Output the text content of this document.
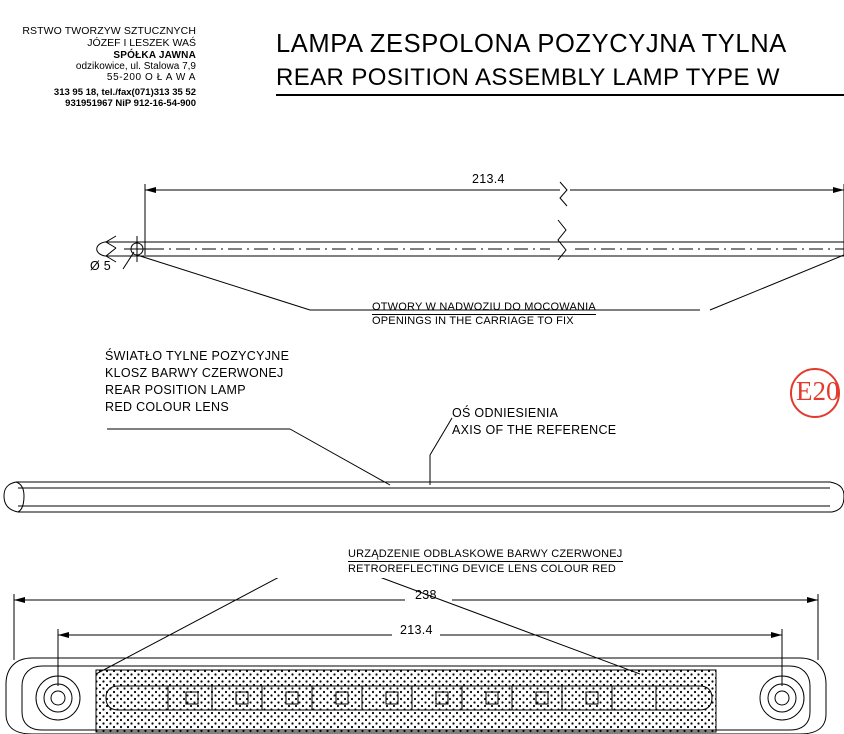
RSTWO TWORZYW SZTUCZNYCH
JÓZEF I LESZEK WAŚ
SPÓŁKA JAWNA
odzikowice, ul. Stalowa 7,9
55-200 O Ł A W A
313 95 18, tel./fax(071)313 35 52
931951967 NiP 912-16-54-900
LAMPA ZESPOLONA POZYCYJNA TYLNA
REAR POSITION ASSEMBLY LAMP TYPE W
213.4
Ø 5
OTWORY W NADWOZIU DO MOCOWANIA
OPENINGS IN THE CARRIAGE TO FIX
ŚWIATŁO TYLNE POZYCYJNE
KLOSZ BARWY CZERWONEJ
REAR POSITION LAMP
RED COLOUR LENS	OŚ ODNIESIENIA
AXIS OF THE REFERENCE
URZĄDZENIE ODBLASKOWE BARWY CZERWONEJ
RETROREFLECTING DEVICE LENS COLOUR RED
238
213.4
E20
